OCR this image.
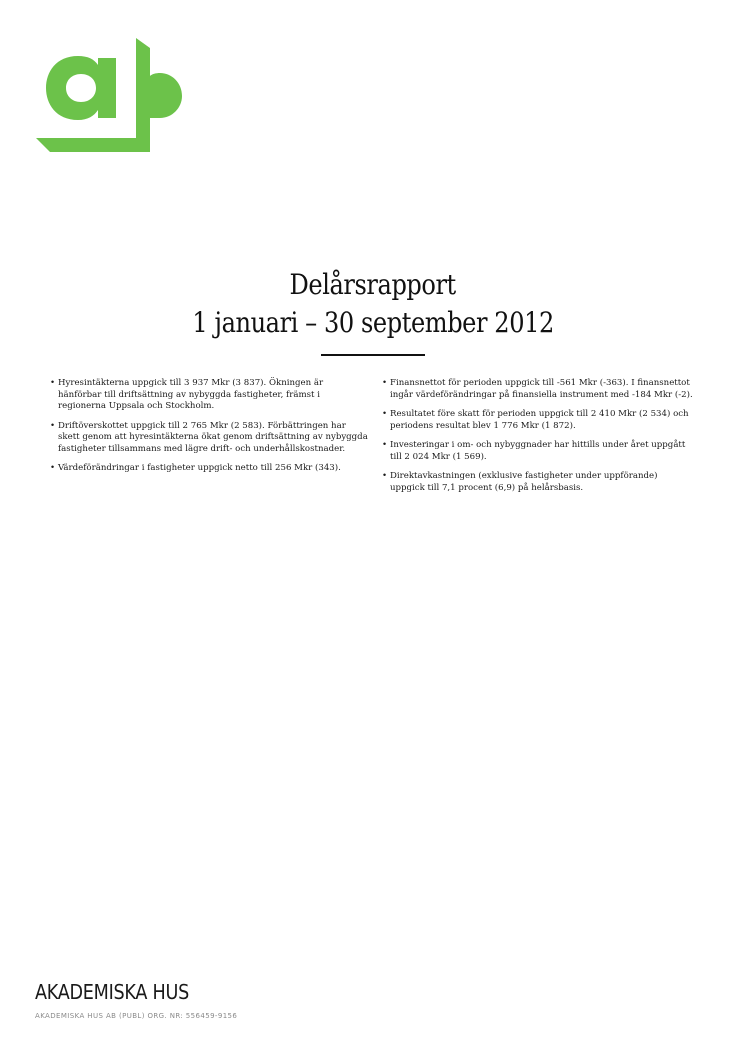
Delårsrapport
1 januari – 30 september 2012
• Hyresintäkterna uppgick till 3 937 Mkr (3 837). Ökningen är hänförbar till driftsättning av nybyggda fastigheter, främst i regionerna Uppsala och Stockholm.
• Driftöverskottet uppgick till 2 765 Mkr (2 583). Förbättringen har skett genom att hyresintäkterna ökat genom driftsättning av nybyggda fastigheter tillsammans med lägre drift- och underhållskostnader.
• Värdeförändringar i fastigheter uppgick netto till 256 Mkr (343).
• Finansnettot för perioden uppgick till -561 Mkr (-363). I finansnettot ingår värdeförändringar på finansiella instrument med -184 Mkr (-2).
• Resultatet före skatt för perioden uppgick till 2 410 Mkr (2 534) och periodens resultat blev 1 776 Mkr (1 872).
• Investeringar i om- och nybyggnader har hittills under året uppgått till 2 024 Mkr (1 569).
• Direktavkastningen (exklusive fastigheter under uppförande) uppgick till 7,1 procent (6,9) på helårsbasis.
AKADEMISKA HUS
AKADEMISKA HUS AB (PUBL) ORG. NR: 556459-9156
